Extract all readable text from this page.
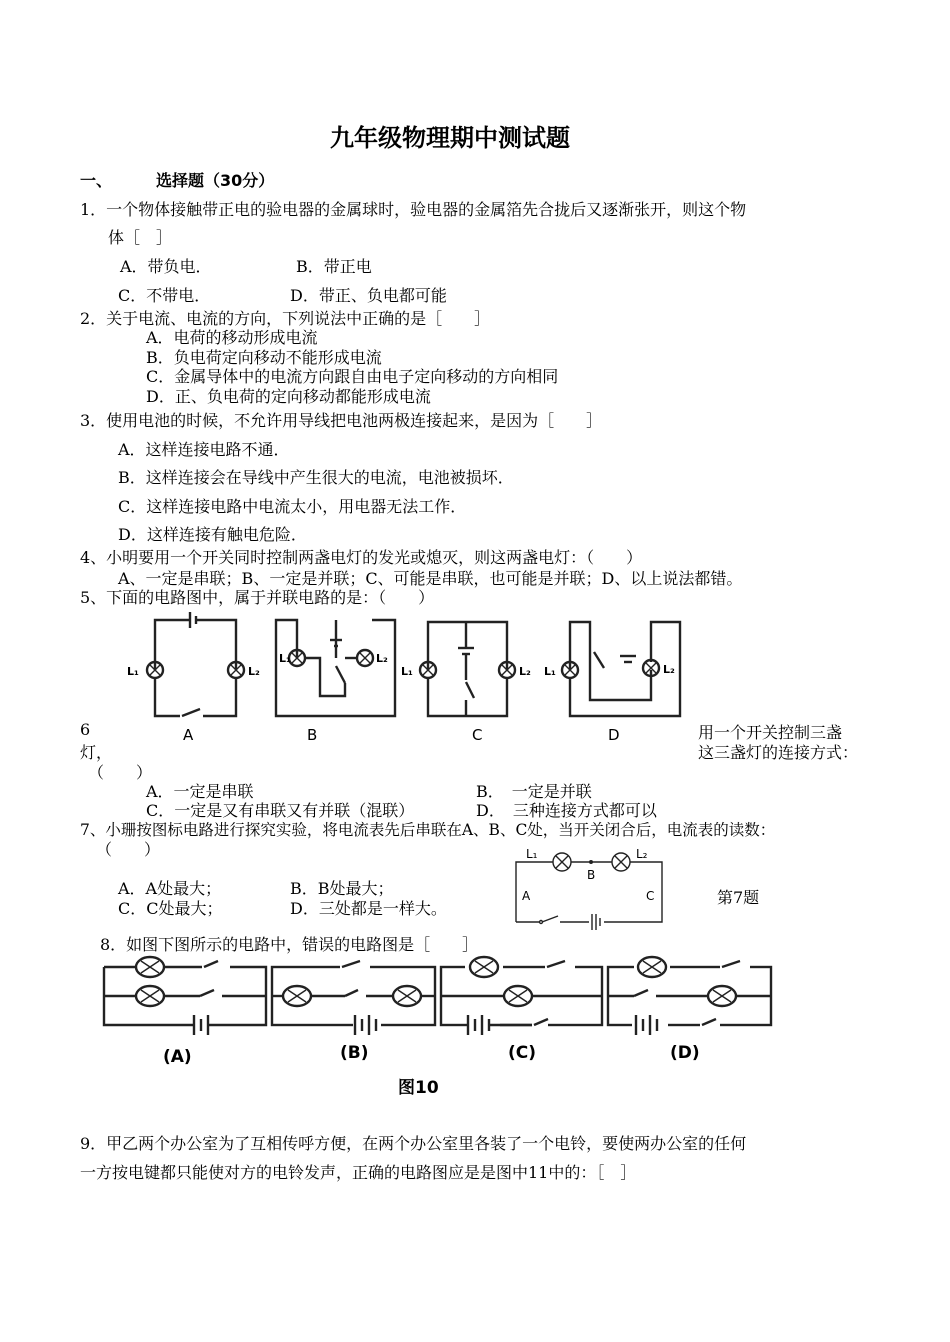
九年级物理期中测试题
一、	选择题（30分）
1．一个物体接触带正电的验电器的金属球时，验电器的金属箔先合拢后又逐渐张开，则这个物
体［　］
A．带负电．	B．带正电
C．不带电．	D．带正、负电都可能
2．关于电流、电流的方向，下列说法中正确的是［　　］
A．电荷的移动形成电流
B．负电荷定向移动不能形成电流
C．金属导体中的电流方向跟自由电子定向移动的方向相同
D．正、负电荷的定向移动都能形成电流
3．使用电池的时候，不允许用导线把电池两极连接起来，是因为［　　］
A．这样连接电路不通．
B．这样连接会在导线中产生很大的电流，电池被损坏．
C．这样连接电路中电流太小，用电器无法工作．
D．这样连接有触电危险．
4、小明要用一个开关同时控制两盏电灯的发光或熄灭，则这两盏电灯：（　　）
A、一定是串联；B、一定是并联；C、可能是串联，也可能是并联；D、以上说法都错。
5、下面的电路图中，属于并联电路的是：（　　）
L₁	L₂
L₁	L₂
L₁	L₂ L₁	L₂
A	B	C	D
6	用一个开关控制三盏
灯，	这三盏灯的连接方式：
（　　）
A．一定是串联	B．　一定是并联
C．一定是又有串联又有并联（混联）	D．　三种连接方式都可以
7、小珊按图标电路进行探究实验，将电流表先后串联在A、B、C处，当开关闭合后，电流表的读数：
（　　）
A．A处最大；	B．B处最大；
C．C处最大；	D．三处都是一样大。
L₁	L₂
B
A	C	第7题
8．如图下图所示的电路中，错误的电路图是［　　］
(A)	(B)	(C)	(D)
图10
9．甲乙两个办公室为了互相传呼方便，在两个办公室里各装了一个电铃，要使两办公室的任何
一方按电键都只能使对方的电铃发声，正确的电路图应是是图中11中的：［　］
